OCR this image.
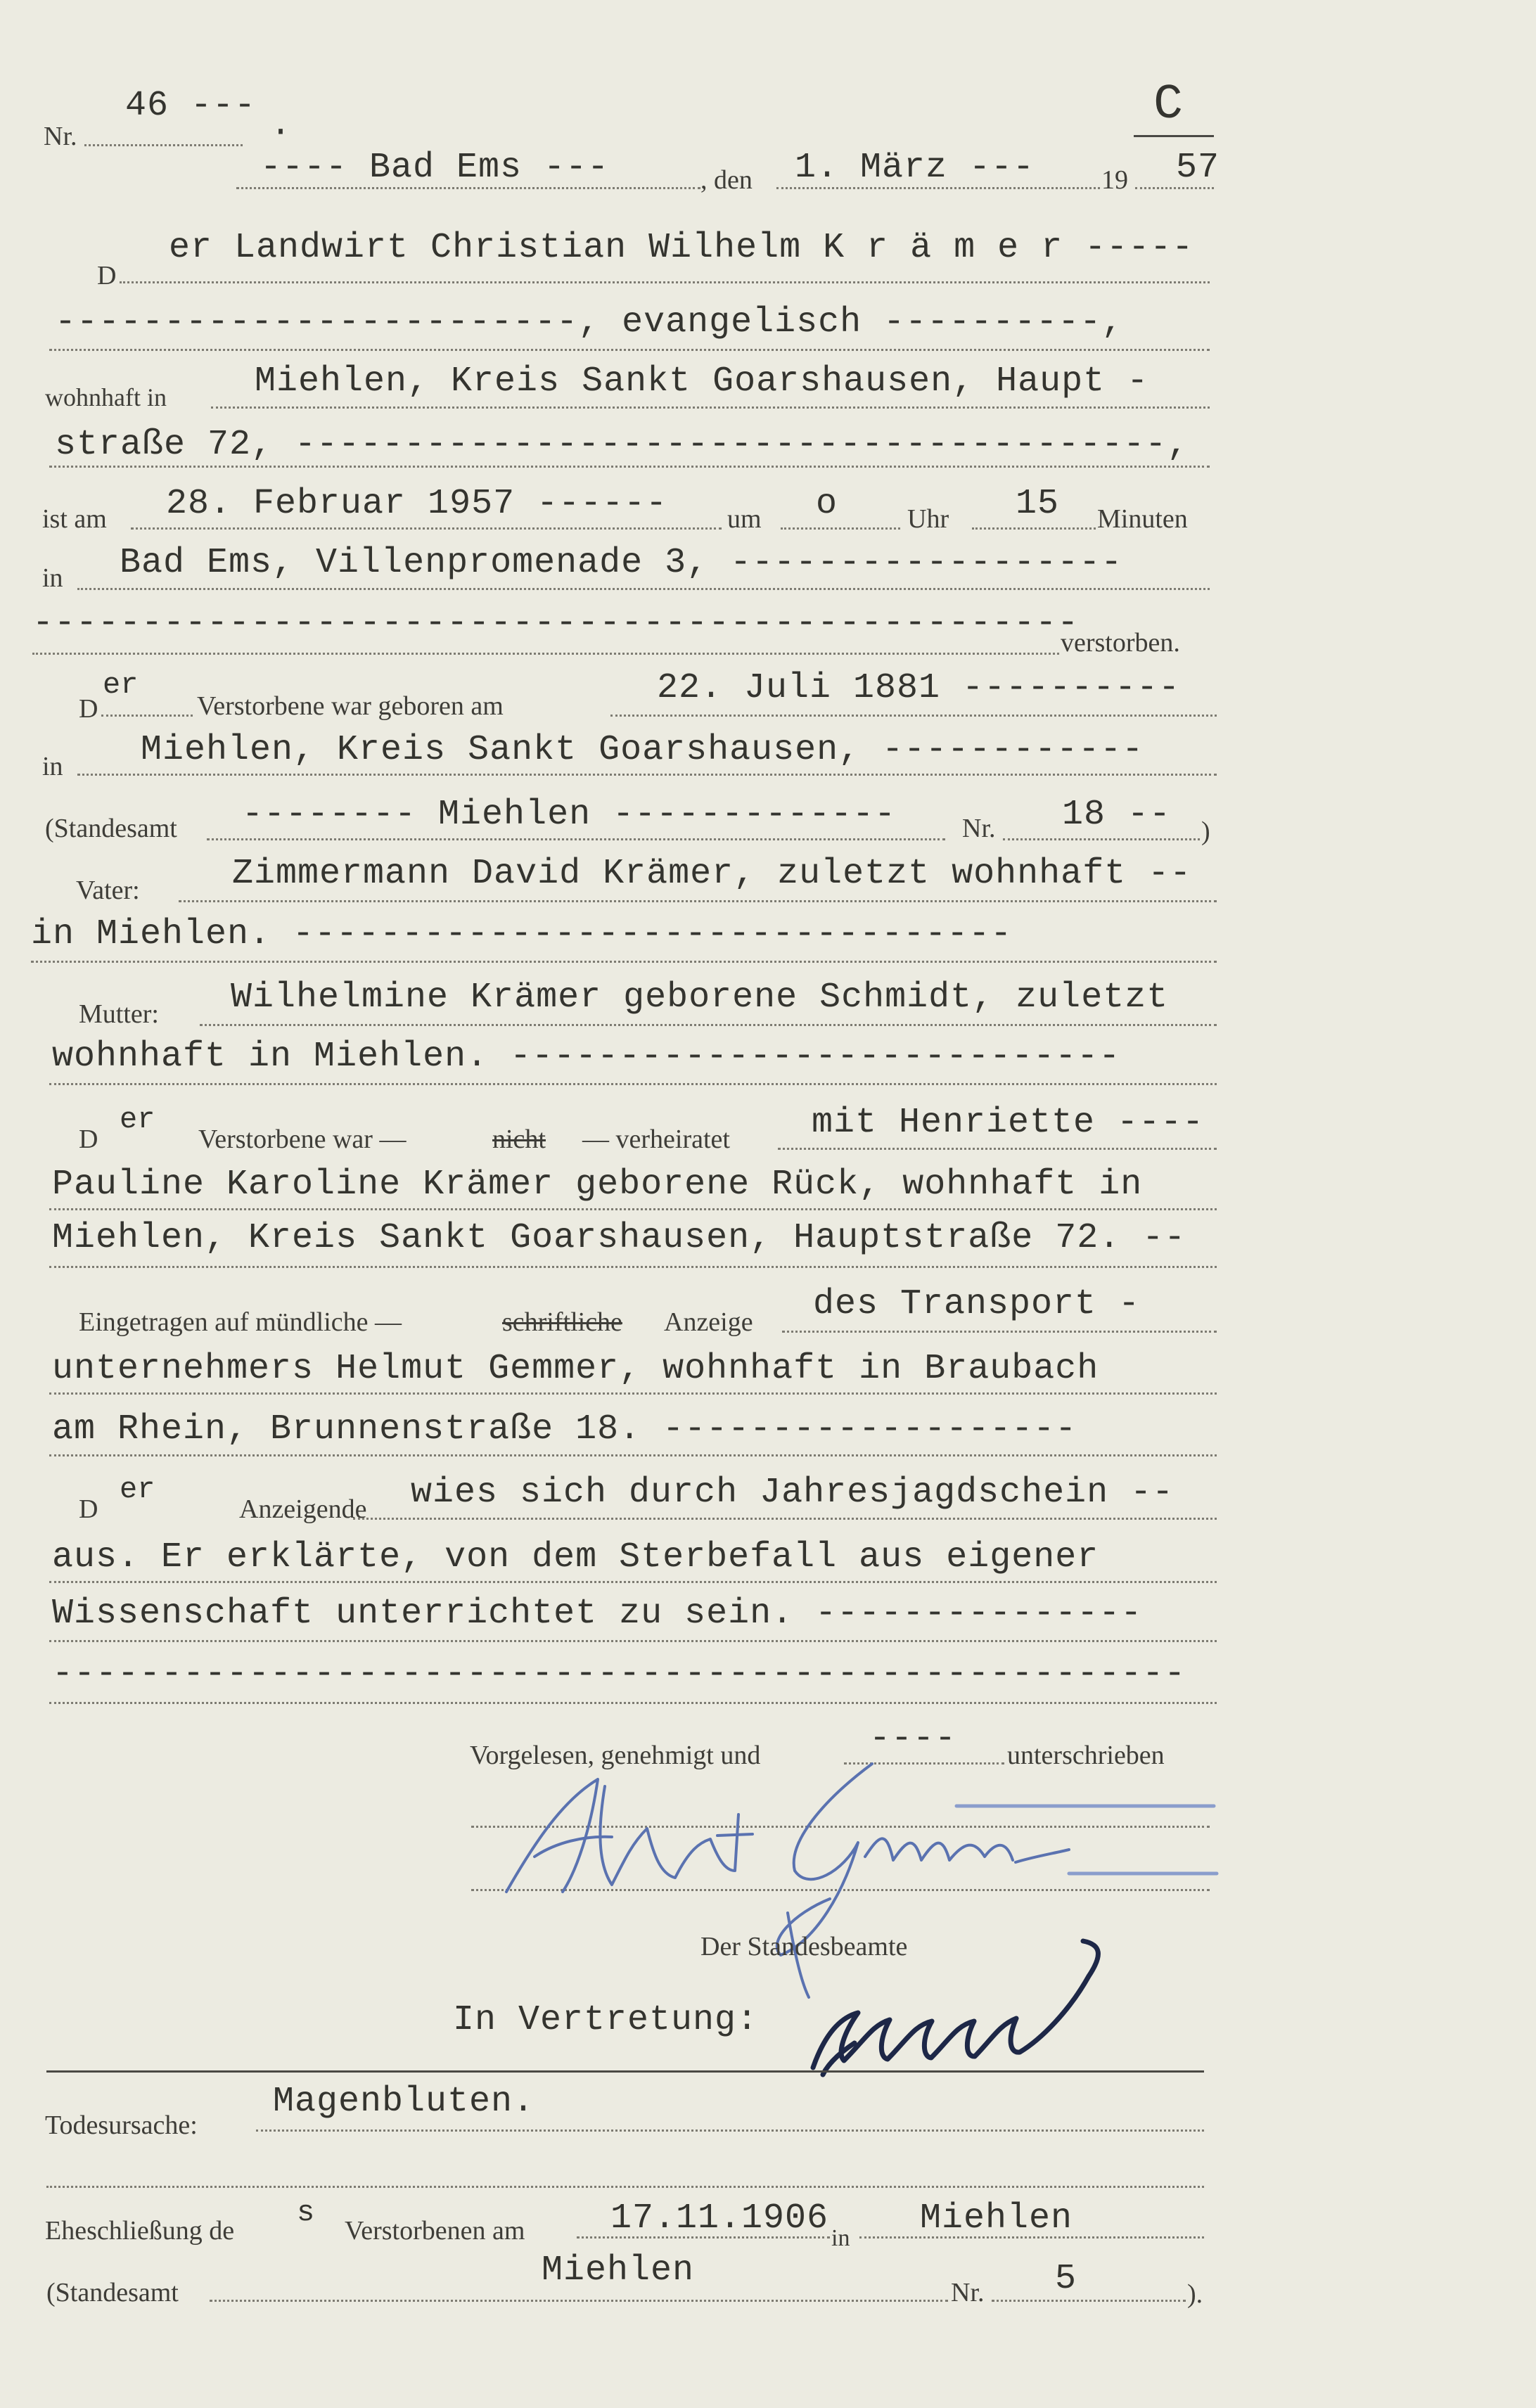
Nr.
46 ---
·	C
---- Bad Ems ---	, den 1. März --- 19 57
D
er Landwirt Christian Wilhelm K r ä m e r -----
------------------------, evangelisch ----------,
wohnhaft in	Miehlen, Kreis Sankt Goarshausen, Haupt -
straße 72, ----------------------------------------,
ist am 28. Februar 1957 ------ um o	Uhr 15 Minuten
in Bad Ems, Villenpromenade 3, ------------------
------------------------------------------------
verstorben.
D
er
Verstorbene war geboren am	22. Juli 1881 ----------
in Miehlen, Kreis Sankt Goarshausen, ------------
(Standesamt -------- Miehlen ------------- Nr. 18 -- )
Vater:	Zimmermann David Krämer, zuletzt wohnhaft --
in Miehlen. ---------------------------------
Mutter: Wilhelmine Krämer geborene Schmidt, zuletzt
wohnhaft in Miehlen. ----------------------------
D
er
Verstorbene war —	nicht — verheiratet mit Henriette ----
Pauline Karoline Krämer geborene Rück, wohnhaft in
Miehlen, Kreis Sankt Goarshausen, Hauptstraße 72. --
Eingetragen auf mündliche —	schriftliche Anzeige des Transport -
unternehmers Helmut Gemmer, wohnhaft in Braubach
am Rhein, Brunnenstraße 18. -------------------
D
er
Anzeigende wies sich durch Jahresjagdschein --
aus. Er erklärte, von dem Sterbefall aus eigener
Wissenschaft unterrichtet zu sein. ---------------
----------------------------------------------------
Vorgelesen, genehmigt und	---- unterschrieben
Der Standesbeamte
In Vertretung:
Todesursache:
Magenbluten.
Eheschließung de
s
Verstorbenen am 17.11.1906 in Miehlen
(Standesamt
Miehlen
Nr. 5	).
